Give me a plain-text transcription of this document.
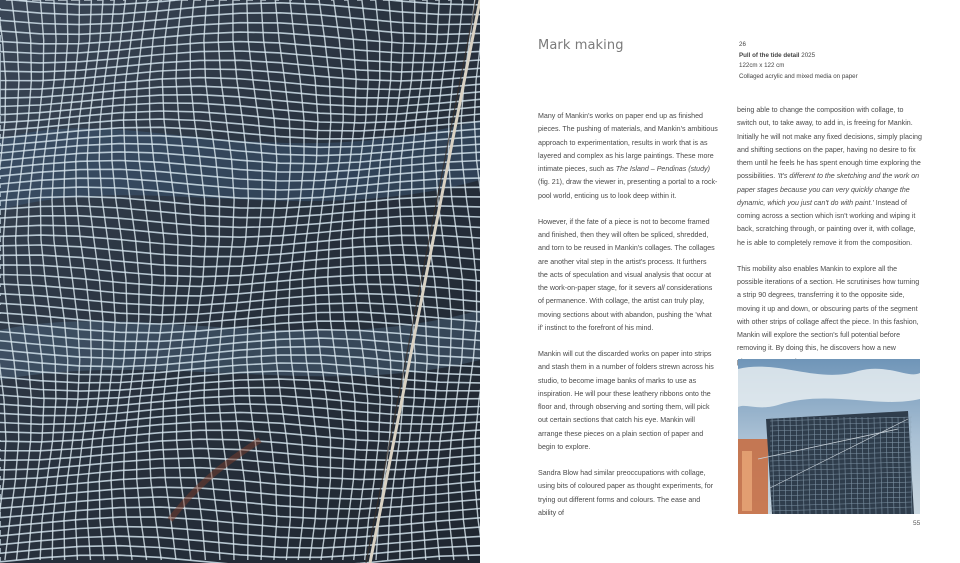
Mark making	26
Pull of the tide detail 2025
122cm x 122 cm
Collaged acrylic and mixed media on paper

Many of Mankin's works on paper end up as finished pieces. The pushing of materials, and Mankin's ambitious approach to experimentation, results in work that is as layered and complex as his large paintings. These more intimate pieces, such as The Island – Pendinas (study) (fig. 21), draw the viewer in, presenting a portal to a rock-pool world, enticing us to look deep within it.

However, if the fate of a piece is not to become framed and finished, then they will often be spliced, shredded, and torn to be reused in Mankin's collages. The collages are another vital step in the artist's process. It furthers the acts of speculation and visual analysis that occur at the work-on-paper stage, for it severs all considerations of permanence. With collage, the artist can truly play, moving sections about with abandon, pushing the 'what if' instinct to the forefront of his mind.

Mankin will cut the discarded works on paper into strips and stash them in a number of folders strewn across his studio, to become image banks of marks to use as inspiration. He will pour these leathery ribbons onto the floor and, through observing and sorting them, will pick out certain sections that catch his eye. Mankin will arrange these pieces on a plain section of paper and begin to explore.

Sandra Blow had similar preoccupations with collage, using bits of coloured paper as thought experiments, for trying out different forms and colours. The ease and ability of

being able to change the composition with collage, to switch out, to take away, to add in, is freeing for Mankin. Initially he will not make any fixed decisions, simply placing and shifting sections on the paper, having no desire to fix them until he feels he has spent enough time exploring the possibilities. 'It's different to the sketching and the work on paper stages because you can very quickly change the dynamic, which you just can't do with paint.' Instead of coming across a section which isn't working and wiping it back, scratching through, or painting over it, with collage, he is able to completely remove it from the composition.

This mobility also enables Mankin to explore all the possible iterations of a section. He scrutinises how turning a strip 90 degrees, transferring it to the opposite side, moving it up and down, or obscuring parts of the segment with other strips of collage affect the piece. In this fashion, Mankin will explore the section's full potential before removing it. By doing this, he discovers how a new

55
